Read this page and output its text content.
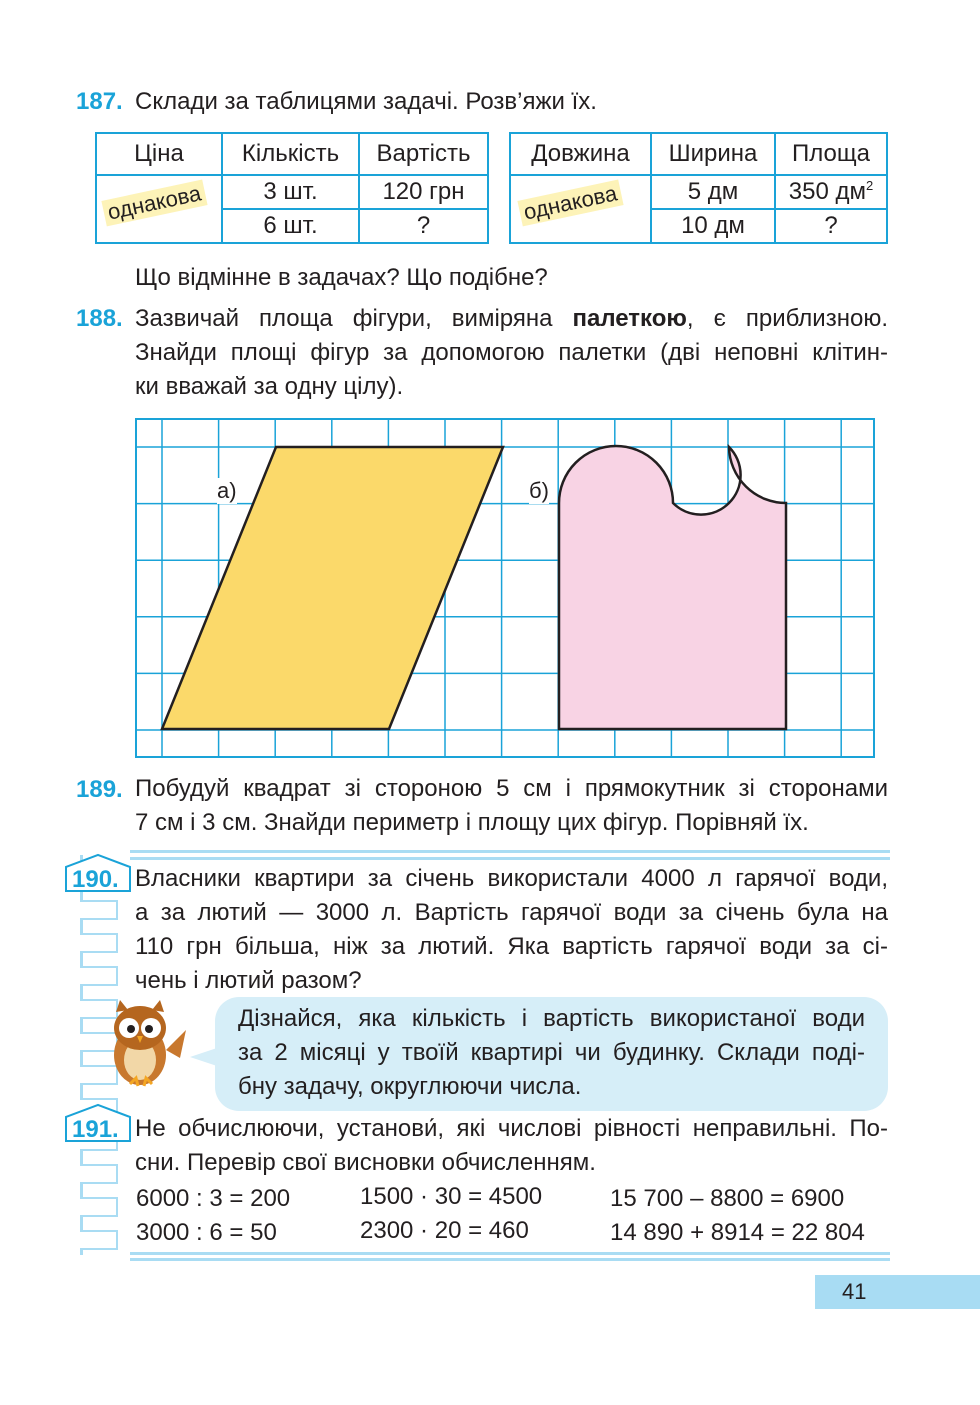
187. Склади за таблицями задачі. Розв’яжи їх.
Ціна	Кількість	Вартість
	3 шт.	120 грн
	6 шт.	?
однакова
Довжина	Ширина	Площа
	5 дм	350 $дм^2$
	10 дм	?
однакова
Що відмінне в задачах? Що подібне?
188. Зазвичай площа фігури, виміряна палеткою, є приблизною.
Знайди площі фігур за допомогою палетки (дві неповні клітин-
ки вважай за одну цілу).
а)	б)
189. Побудуй квадрат зі стороною 5 см і прямокутник зі сторонами
7 см і 3 см. Знайди периметр і площу цих фігур. Порівняй їх.
190. Власники квартири за січень використали 4000 л гарячої води,
а за лютий — 3000 л. Вартість гарячої води за січень була на
110 грн більша, ніж за лютий. Яка вартість гарячої води за сі-
чень і лютий разом?
Дізнайся, яка кількість і вартість використаної води
за 2 місяці у твоїй квартирі чи будинку. Склади поді-
бну задачу, округлюючи числа.
191. Не обчислюючи, установи́, які числові рівності неправильні. По-
сни. Перевір свої висновки обчисленням.
6000 : 3 = 200	1500 · 30 = 4500	15 700 – 8800 = 6900
3000 : 6 = 50	2300 · 20 = 460	14 890 + 8914 = 22 804
41
